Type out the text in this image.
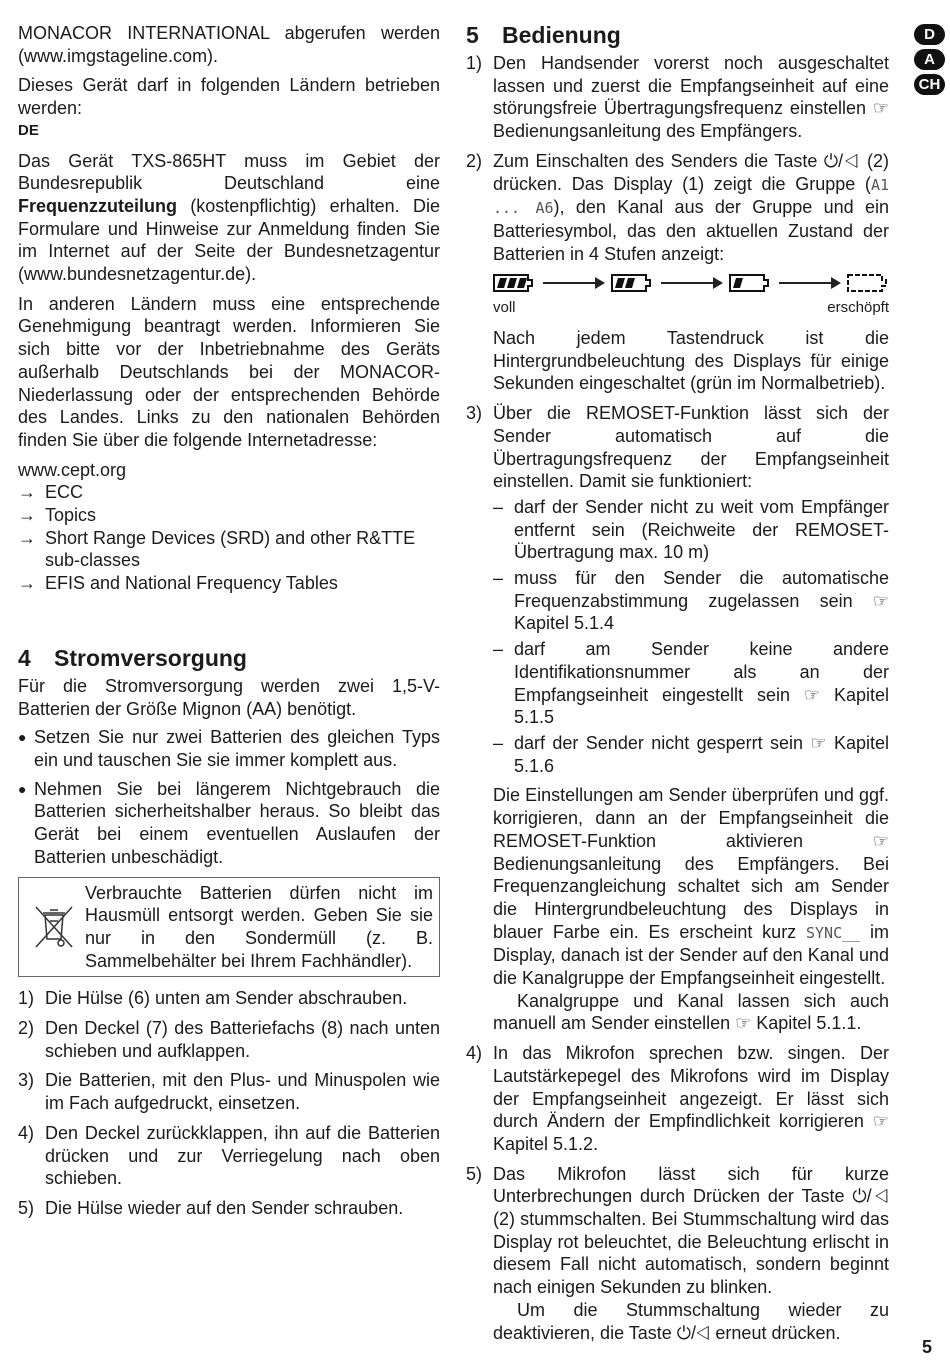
MONACOR INTERNATIONAL abgerufen werden (www.imgstageline.com).

Dieses Gerät darf in folgenden Ländern betrieben werden:

DE

Das Gerät TXS-865HT muss im Gebiet der Bundesrepublik Deutschland eine Frequenzzuteilung (kostenpflichtig) erhalten. Die Formulare und Hinweise zur Anmeldung finden Sie im Internet auf der Seite der Bundesnetzagentur (www.bundesnetzagentur.de).

In anderen Ländern muss eine entsprechende Genehmigung beantragt werden. Informieren Sie sich bitte vor der Inbetriebnahme des Geräts außerhalb Deutschlands bei der MONACOR-Niederlassung oder der entsprechenden Behörde des Landes. Links zu den nationalen Behörden finden Sie über die folgende Internetadresse:

www.cept.org
→ ECC
→ Topics
→ Short Range Devices (SRD) and other R&TTE sub-classes
→ EFIS and National Frequency Tables
4	Stromversorgung

Für die Stromversorgung werden zwei 1,5-V-Batterien der Größe Mignon (AA) benötigt.

● Setzen Sie nur zwei Batterien des gleichen Typs ein und tauschen Sie sie immer komplett aus.

● Nehmen Sie bei längerem Nichtgebrauch die Batterien sicherheitshalber heraus. So bleibt das Gerät bei einem eventuellen Auslaufen der Batterien unbeschädigt.

Verbrauchte Batterien dürfen nicht im Hausmüll entsorgt werden. Geben Sie sie nur in den Sondermüll (z. B. Sammelbehälter bei Ihrem Fachhändler).

1) Die Hülse (6) unten am Sender abschrauben.

2) Den Deckel (7) des Batteriefachs (8) nach unten schieben und aufklappen.

3) Die Batterien, mit den Plus- und Minuspolen wie im Fach aufgedruckt, einsetzen.

4) Den Deckel zurückklappen, ihn auf die Batterien drücken und zur Verriegelung nach oben schieben.

5) Die Hülse wieder auf den Sender schrauben.

5	Bedienung
1) Den Handsender vorerst noch ausgeschaltet lassen und zuerst die Empfangseinheit auf eine störungsfreie Übertragungsfrequenz einstellen ☞ Bedienungsanleitung des Empfängers.

2) Zum Einschalten des Senders die Taste ⏻/◁ (2) drücken. Das Display (1) zeigt die Gruppe (A1 ... A6), den Kanal aus der Gruppe und ein Batteriesymbol, das den aktuellen Zustand der Batterien in 4 Stufen anzeigt:

voll	erschöpft

Nach jedem Tastendruck ist die Hintergrundbeleuchtung des Displays für einige Sekunden eingeschaltet (grün im Normalbetrieb).

3) Über die REMOSET-Funktion lässt sich der Sender automatisch auf die Übertragungsfrequenz der Empfangseinheit einstellen. Damit sie funktioniert:

– darf der Sender nicht zu weit vom Empfänger entfernt sein (Reichweite der REMOSET-Übertragung max. 10 m)

– muss für den Sender die automatische Frequenzabstimmung zugelassen sein ☞ Kapitel 5.1.4

– darf am Sender keine andere Identifikationsnummer als an der Empfangseinheit eingestellt sein ☞ Kapitel 5.1.5

– darf der Sender nicht gesperrt sein ☞ Kapitel 5.1.6

Die Einstellungen am Sender überprüfen und ggf. korrigieren, dann an der Empfangseinheit die REMOSET-Funktion aktivieren ☞ Bedienungsanleitung des Empfängers. Bei Frequenzangleichung schaltet sich am Sender die Hintergrundbeleuchtung des Displays in blauer Farbe ein. Es erscheint kurz SYNC__ im Display, danach ist der Sender auf den Kanal und die Kanalgruppe der Empfangseinheit eingestellt.

Kanalgruppe und Kanal lassen sich auch manuell am Sender einstellen ☞ Kapitel 5.1.1.

4) In das Mikrofon sprechen bzw. singen. Der Lautstärkepegel des Mikrofons wird im Display der Empfangseinheit angezeigt. Er lässt sich durch Ändern der Empfindlichkeit korrigieren ☞ Kapitel 5.1.2.

5) Das Mikrofon lässt sich für kurze Unterbrechungen durch Drücken der Taste ⏻/◁ (2) stummschalten. Bei Stummschaltung wird das Display rot beleuchtet, die Beleuchtung erlischt in diesem Fall nicht automatisch, sondern beginnt nach einigen Sekunden zu blinken.

Um die Stummschaltung wieder zu deaktivieren, die Taste ⏻/◁ erneut drücken.

D
A
CH
5
